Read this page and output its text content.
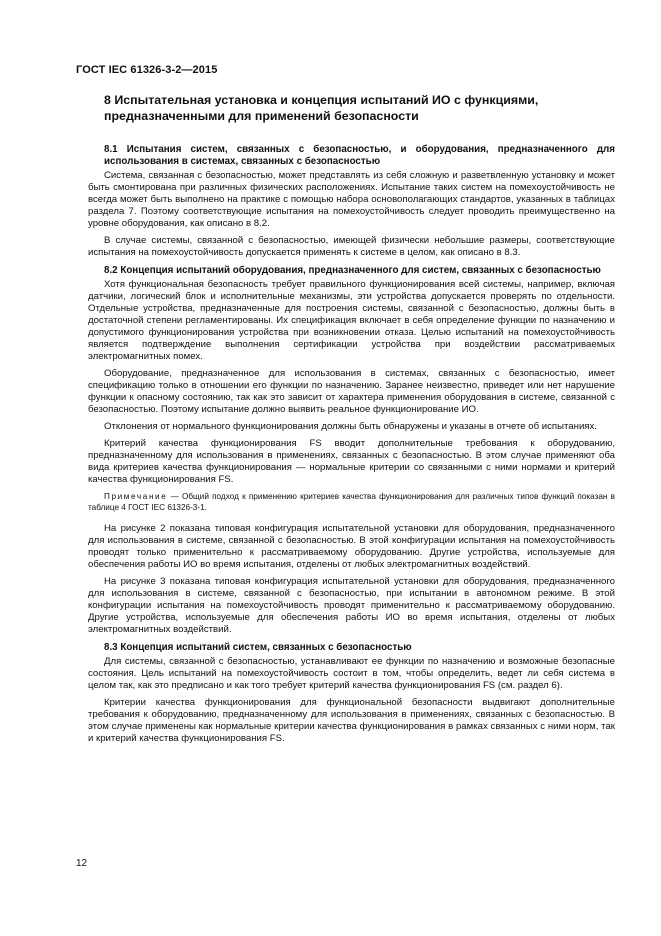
ГОСТ IEC 61326-3-2—2015
8 Испытательная установка и концепция испытаний ИО с функциями, предназначенными для применений безопасности
8.1 Испытания систем, связанных с безопасностью, и оборудования, предназначенного для использования в системах, связанных с безопасностью

Система, связанная с безопасностью, может представлять из себя сложную и разветвленную установку и может быть смонтирована при различных физических расположениях. Испытание таких систем на помехоустойчивость не всегда может быть выполнено на практике с помощью набора основополагающих стандартов, указанных в таблицах раздела 7. Поэтому соответствующие испытания на помехоустойчивость следует проводить преимущественно на уровне оборудования, как описано в 8.2.

В случае системы, связанной с безопасностью, имеющей физически небольшие размеры, соответствующие испытания на помехоустойчивость допускается применять к системе в целом, как описано в 8.3.

8.2 Концепция испытаний оборудования, предназначенного для систем, связанных с безопасностью

Хотя функциональная безопасность требует правильного функционирования всей системы, например, включая датчики, логический блок и исполнительные механизмы, эти устройства допускается проверять по отдельности. Отдельные устройства, предназначенные для построения системы, связанной с безопасностью, должны быть в достаточной степени регламентированы. Их спецификация включает в себя определение функции по назначению и допустимого функционирования устройства при возникновении отказа. Целью испытаний на помехоустойчивость является подтверждение выполнения сертификации устройства при воздействии рассматриваемых электромагнитных помех.

Оборудование, предназначенное для использования в системах, связанных с безопасностью, имеет спецификацию только в отношении его функции по назначению. Заранее неизвестно, приведет или нет нарушение функции к опасному состоянию, так как это зависит от характера применения оборудования в системе, связанной с безопасностью. Поэтому испытание должно выявить реальное функционирование ИО.

Отклонения от нормального функционирования должны быть обнаружены и указаны в отчете об испытаниях.

Критерий качества функционирования FS вводит дополнительные требования к оборудованию, предназначенному для использования в применениях, связанных с безопасностью. В этом случае применяют оба вида критериев качества функционирования — нормальные критерии со связанными с ними нормами и критерий качества функционирования FS.

Примечание — Общий подход к применению критериев качества функционирования для различных типов функций показан в таблице 4 ГОСТ IEC 61326-3-1.

На рисунке 2 показана типовая конфигурация испытательной установки для оборудования, предназначенного для использования в системе, связанной с безопасностью. В этой конфигурации испытания на помехоустойчивость проводят только применительно к рассматриваемому оборудованию. Другие устройства, используемые для обеспечения работы ИО во время испытания, отделены от любых электромагнитных воздействий.

На рисунке 3 показана типовая конфигурация испытательной установки для оборудования, предназначенного для использования в системе, связанной с безопасностью, при испытании в автономном режиме. В этой конфигурации испытания на помехоустойчивость проводят применительно к рассматриваемому оборудованию. Другие устройства, используемые для обеспечения работы ИО во время испытания, отделены от любых электромагнитных воздействий.

8.3 Концепция испытаний систем, связанных с безопасностью

Для системы, связанной с безопасностью, устанавливают ее функции по назначению и возможные безопасные состояния. Цель испытаний на помехоустойчивость состоит в том, чтобы определить, ведет ли себя система в целом так, как это предписано и как того требует критерий качества функционирования FS (см. раздел 6).

Критерии качества функционирования для функциональной безопасности выдвигают дополнительные требования к оборудованию, предназначенному для использования в применениях, связанных с безопасностью. В этом случае применены как нормальные критерии качества функционирования в рамках связанных с ними норм, так и критерий качества функционирования FS.

12
